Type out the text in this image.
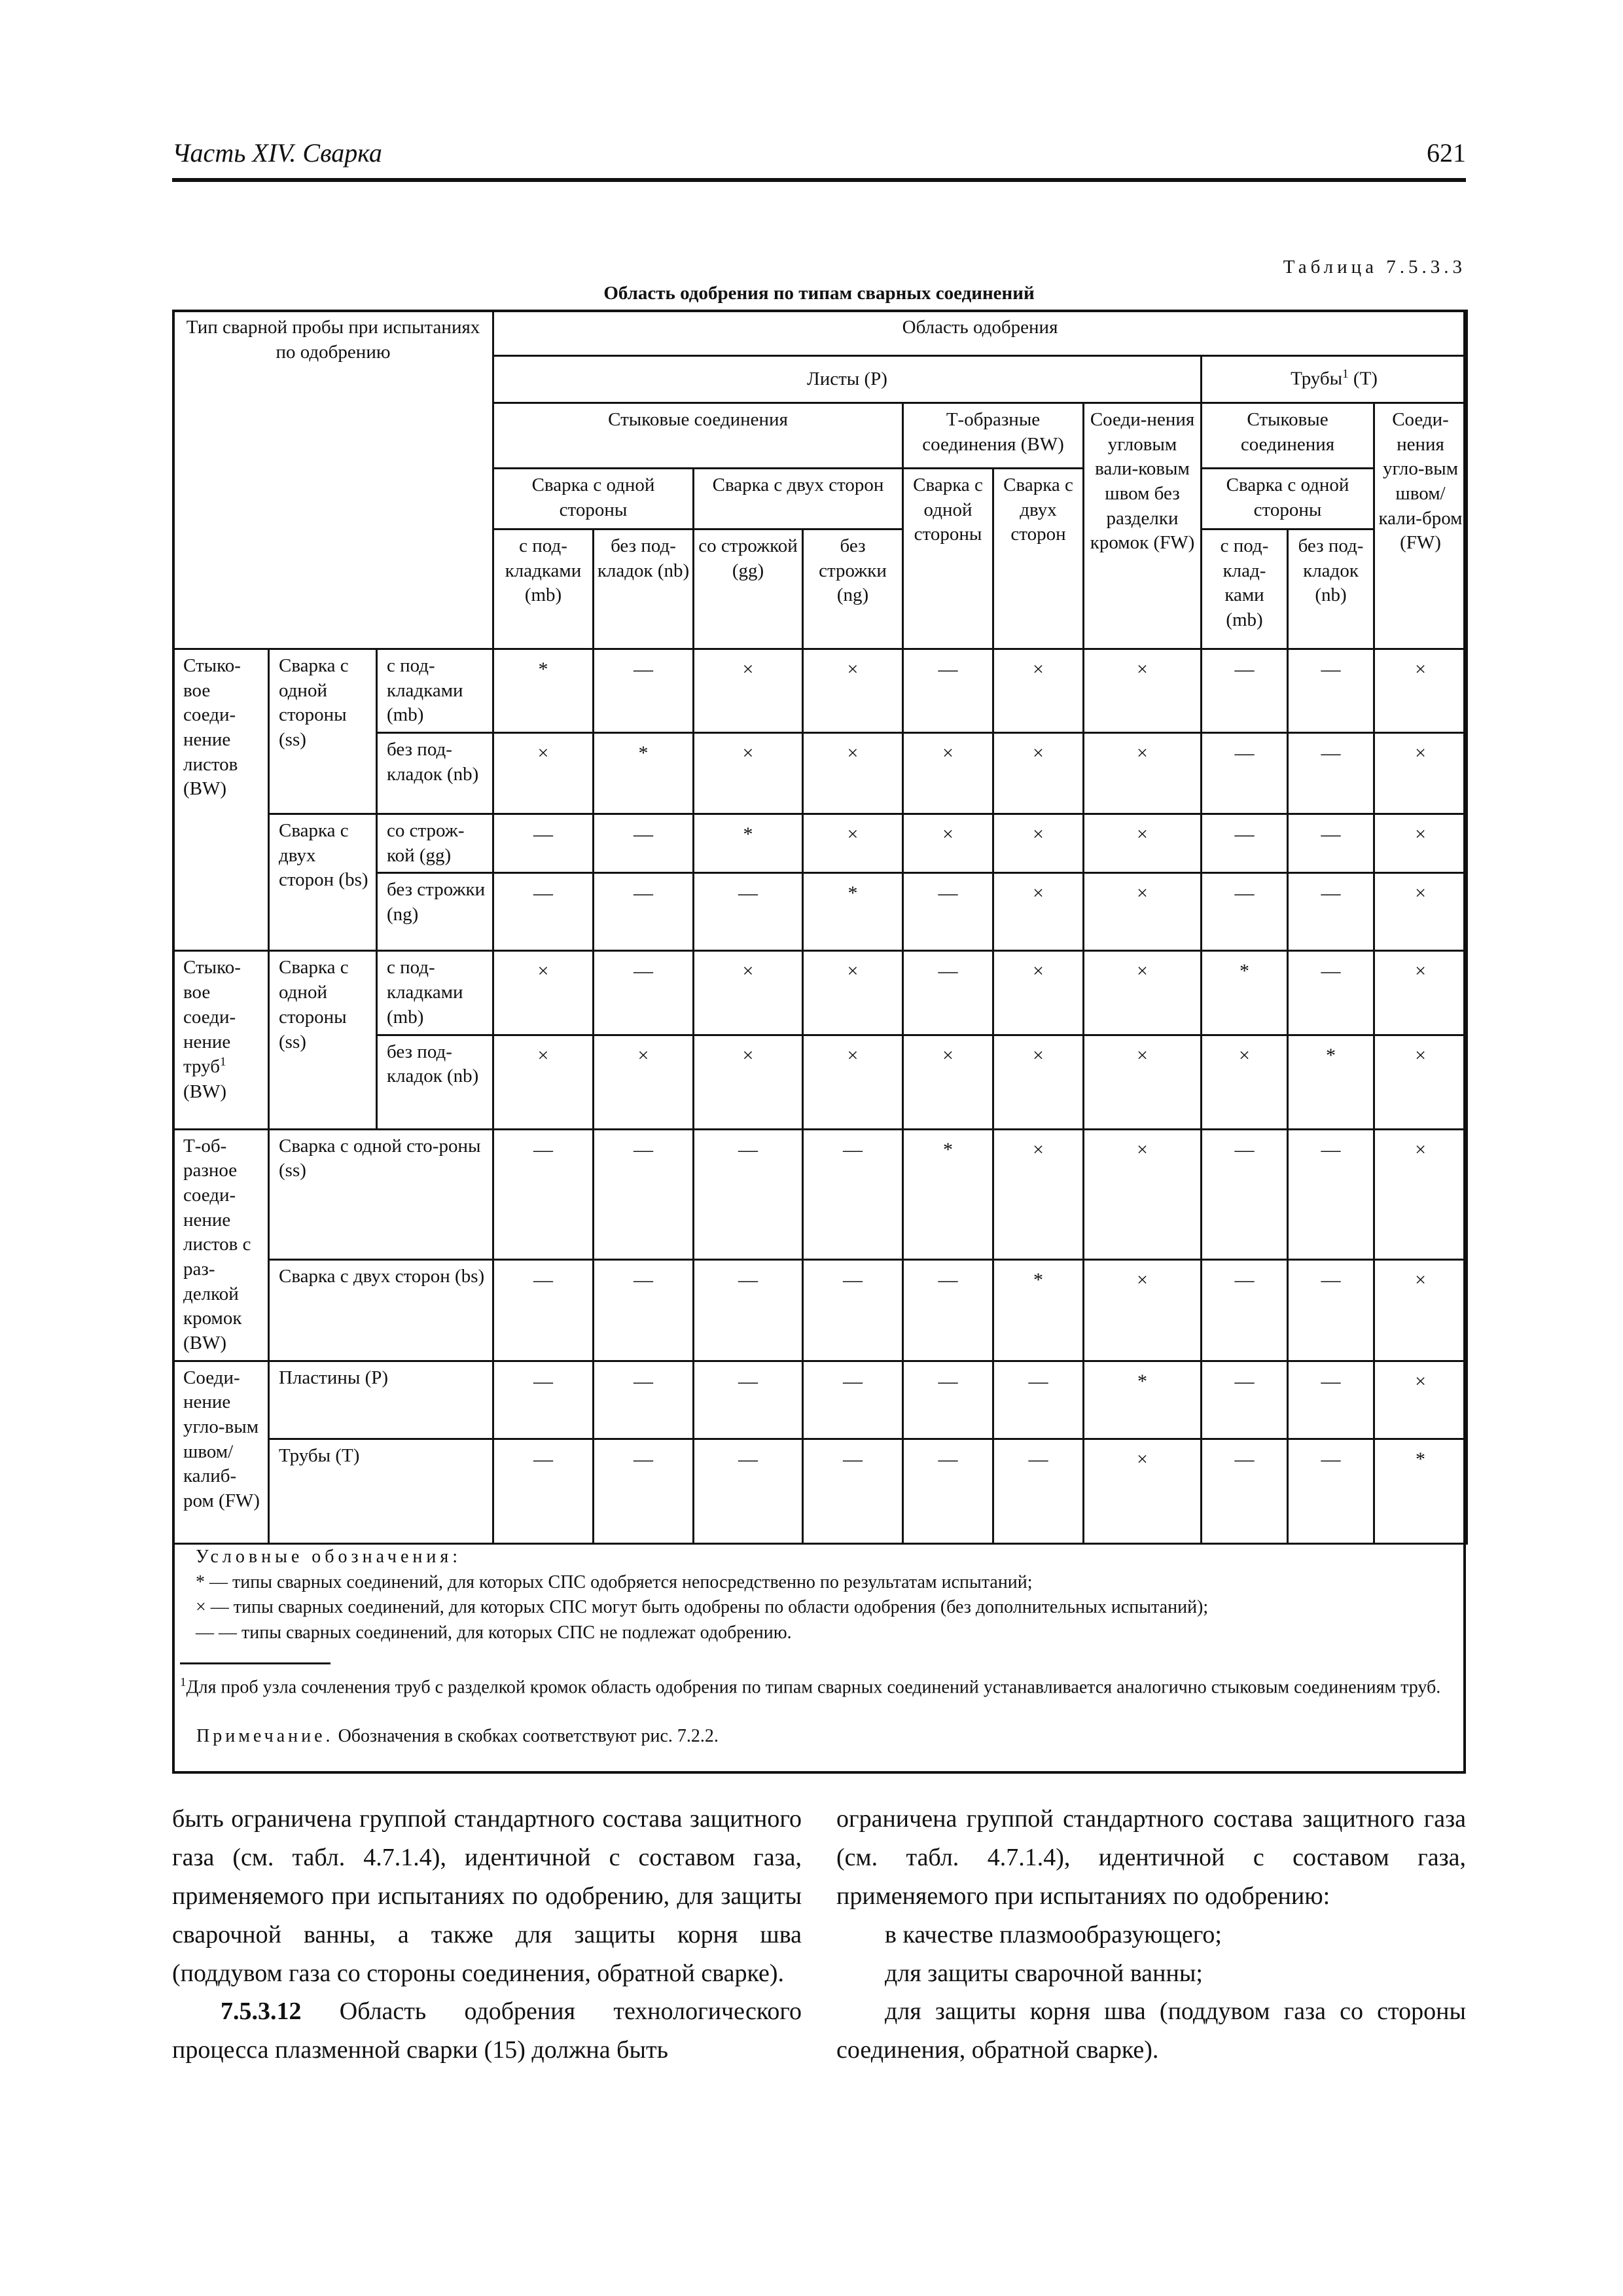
Часть XIV. Сварка	621
Таблица 7.5.3.3
Область одобрения по типам сварных соединений
Тип сварной пробы при испытаниях по одобрению			Область одобрения									
			Листы (P)							Трубы$^1$ (T)		
			Стыковые соединения				Т-образные соединения (BW)		Соеди-нения угловым вали-ковым швом без разделки кромок (FW)	Стыковые соединения		Соеди-нения угло-вым швом/ кали-бром (FW)
			Сварка с одной стороны		Сварка с двух сторон		Сварка с одной стороны	Сварка с двух сторон		Сварка с одной стороны		
			с под-кладками (mb)	без под-кладок (nb)	со строжкой (gg)	без строжки (ng)				с под-клад-ками (mb)	без под-кладок (nb)	
Стыко-вое соеди-нение листов (BW)	Сварка с одной стороны (ss)	с под-кладками (mb)	*	—	×	×	—	×	×	—	—	×
		без под-кладок (nb)	×	*	×	×	×	×	×	—	—	×
	Сварка с двух сторон (bs)	со строж-кой (gg)	—	—	*	×	×	×	×	—	—	×
		без строжки (ng)	—	—	—	*	—	×	×	—	—	×
Стыко-вое соеди-нение труб$^1$ (BW)	Сварка с одной стороны (ss)	с под-кладками (mb)	×	—	×	×	—	×	×	*	—	×
		без под-кладок (nb)	×	×	×	×	×	×	×	×	*	×
Т-об-разное соеди-нение листов с раз-делкой кромок (BW)	Сварка с одной сто-роны (ss)		—	—	—	—	*	×	×	—	—	×
	Сварка с двух сторон (bs)		—	—	—	—	—	*	×	—	—	×
Соеди-нение угло-вым швом/ калиб-ром (FW)	Пластины (P)		—	—	—	—	—	—	*	—	—	×
	Трубы (T)		—	—	—	—	—	—	×	—	—	*
Условные обозначения:
* — типы сварных соединений, для которых СПС одобряется непосредственно по результатам испытаний;
× — типы сварных соединений, для которых СПС могут быть одобрены по области одобрения (без дополнительных испытаний);
— — типы сварных соединений, для которых СПС не подлежат одобрению.
$^1$Для проб узла сочленения труб с разделкой кромок область одобрения по типам сварных соединений устанавливается аналогично стыковым соединениям труб.
Примечание. Обозначения в скобках соответствуют рис. 7.2.2.

быть ограничена группой стандартного состава защитного газа (см. табл. 4.7.1.4), идентичной с составом газа, применяемого при испытаниях по одобрению, для защиты сварочной ванны, а также для защиты корня шва (поддувом газа со стороны соединения, обратной сварке).

7.5.3.12 Область одобрения технологического процесса плазменной сварки (15) должна быть

ограничена группой стандартного состава защитного газа (см. табл. 4.7.1.4), идентичной с составом газа, применяемого при испытаниях по одобрению:

в качестве плазмообразующего;

для защиты сварочной ванны;

для защиты корня шва (поддувом газа со стороны соединения, обратной сварке).
